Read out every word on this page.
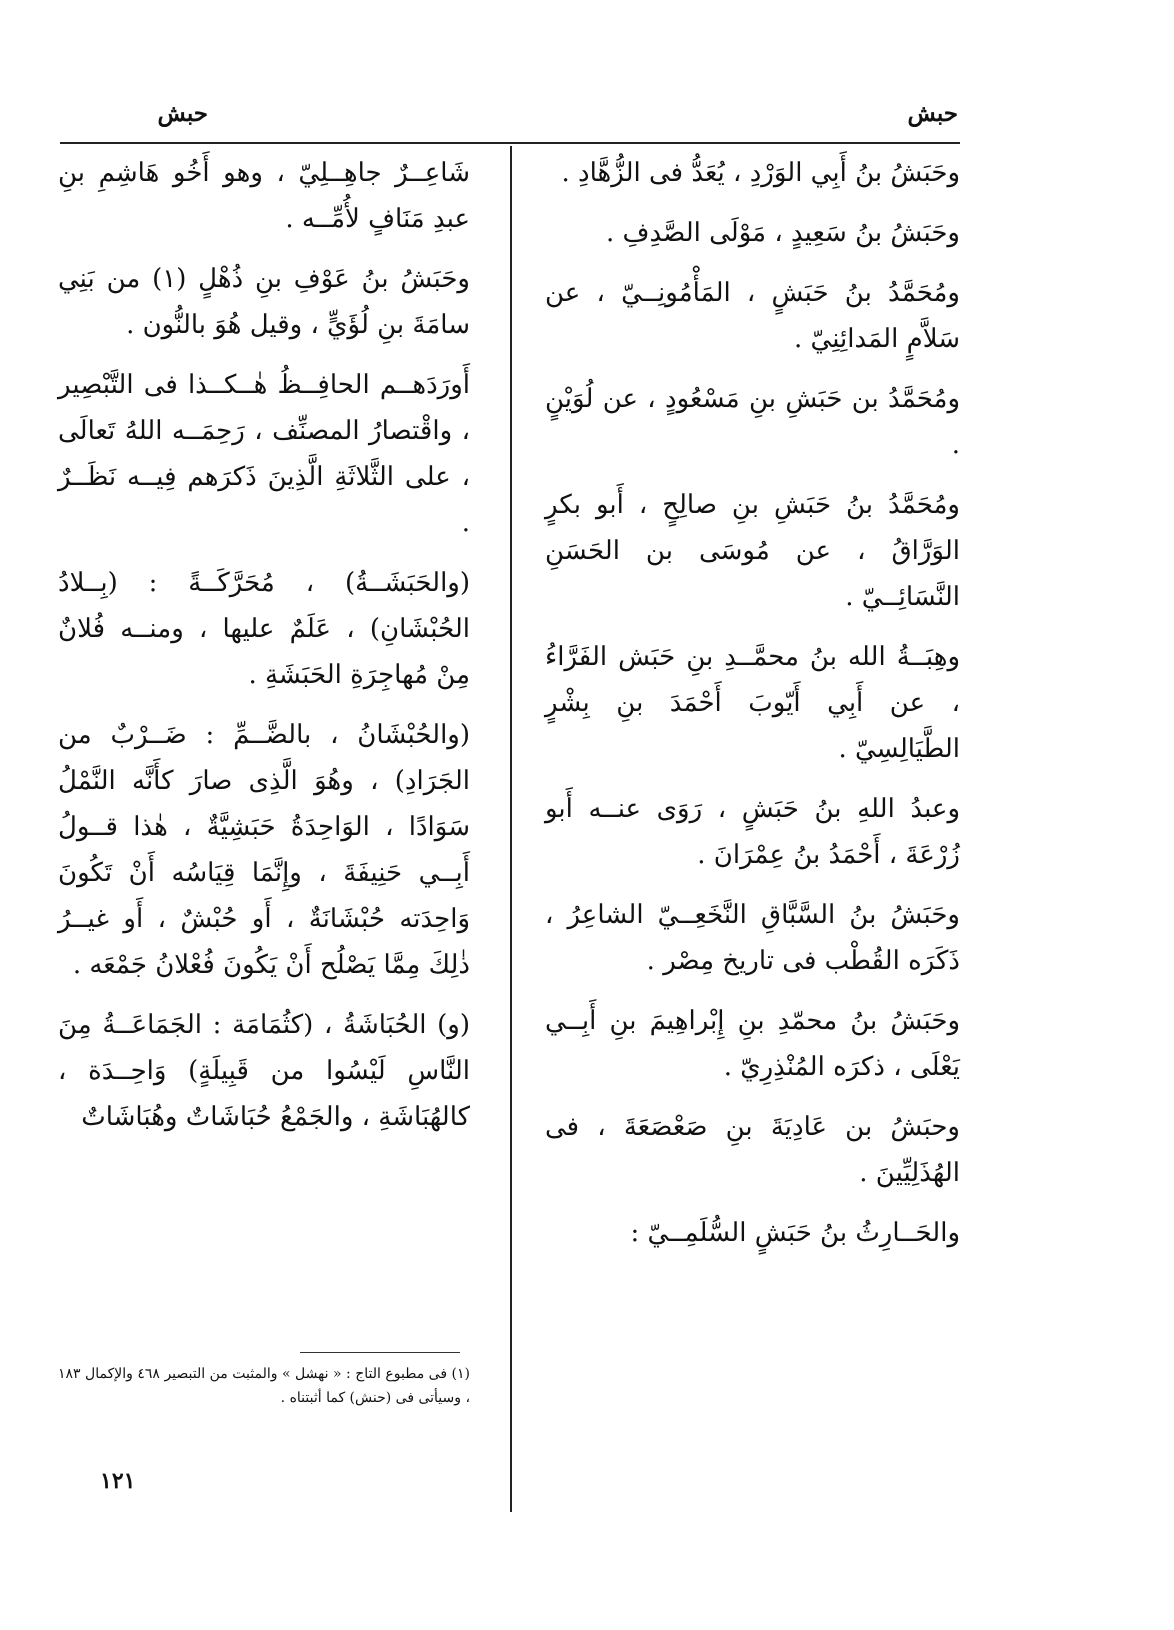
حبش
حبش

وحَبَشُ بنُ أَبِي الوَرْدِ ، يُعَدُّ فى الزُّهَّادِ .

وحَبَشُ بنُ سَعِيدٍ ، مَوْلَى الصَّدِفِ .

ومُحَمَّدُ بنُ حَبَشٍ ، المَأْمُونِــيّ ، عن سَلاَّمٍ المَدائِنِيّ .

ومُحَمَّدُ بن حَبَشِ بنِ مَسْعُودٍ ، عن لُوَيْنٍ .

ومُحَمَّدُ بنُ حَبَشِ بنِ صالِحٍ ، أَبو بكرٍ الوَرَّاقُ ، عن مُوسَى بن الحَسَنِ النَّسَائِــيّ .

وهِبَــةُ الله بنُ محمَّــدِ بنِ حَبَش الفَرَّاءُ ، عن أَبِي أَيّوبَ أَحْمَدَ بنِ بِشْرٍ الطَّيَالِسِيّ .

وعبدُ اللهِ بنُ حَبَشٍ ، رَوَى عنــه أَبو زُرْعَةَ ، أَحْمَدُ بنُ عِمْرَانَ .

وحَبَشُ بنُ السَّبَّاقِ النَّخَعِــيّ الشاعِرُ ، ذَكَرَه القُطْب فى تاريخ مِصْر .

وحَبَشُ بنُ محمّدِ بنِ إِبْراهِيمَ بنِ أَبِــي يَعْلَى ، ذكرَه المُنْذِرِيّ .

وحبَشُ بن عَادِيَةَ بنِ صَعْصَعَةَ ، فى الهُذَلِيِّينَ .

والحَــارِثُ بنُ حَبَشٍ السُّلَمِــيّ :

شَاعِــرٌ جاهِــلِيّ ، وهو أَخُو هَاشِمِ بنِ عبدِ مَنَافٍ لأُمِّــه .

وحَبَشُ بنُ عَوْفِ بنِ ذُهْلٍ (١) من بَنِي سامَةَ بنِ لُؤَيٍّ ، وقيل هُوَ بالنُّون .

أَورَدَهــم الحافِــظُ هٰــكــذا فى التَّبْصِير ، واقْتصارُ المصنِّف ، رَحِمَــه اللهُ تَعالَى ، على الثَّلاثَةِ الَّذِينَ ذَكرَهم فِيــه نَظَــرٌ .

(والحَبَشَــةُ) ، مُحَرَّكَــةً : (بِــلادُ الحُبْشَانِ) ، عَلَمٌ عليها ، ومنــه فُلانٌ مِنْ مُهاجِرَةِ الحَبَشَةِ .

(والحُبْشَانُ ، بالضَّــمِّ : ضَــرْبٌ من الجَرَادِ) ، وهُوَ الَّذِى صارَ كأَنَّه النَّمْلُ سَوَادًا ، الوَاحِدَةُ حَبَشِيَّةٌ ، هٰذا قــولُ أَبِــي حَنِيفَةَ ، وإِنَّمَا قِيَاسُه أَنْ تَكُونَ وَاحِدَته حُبْشَانَةٌ ، أَو حُبْشٌ ، أَو غيــرُ ذٰلِكَ مِمَّا يَصْلُح أَنْ يَكُونَ فُعْلانُ جَمْعَه .

(و) الحُبَاشَةُ ، (كثُمَامَة : الجَمَاعَــةُ مِنَ النَّاسِ لَيْسُوا من قَبِيلَةٍ) وَاحِــدَة ، كالهُبَاشَةِ ، والجَمْعُ حُبَاشَاتٌ وهُبَاشَاتٌ

(١) فى مطبوع التاج : « نهشل » والمثبت من التبصير ٤٦٨ والإكمال ١٨٣ ، وسيأتى فى (حنش) كما أثبتناه .
١٢١
